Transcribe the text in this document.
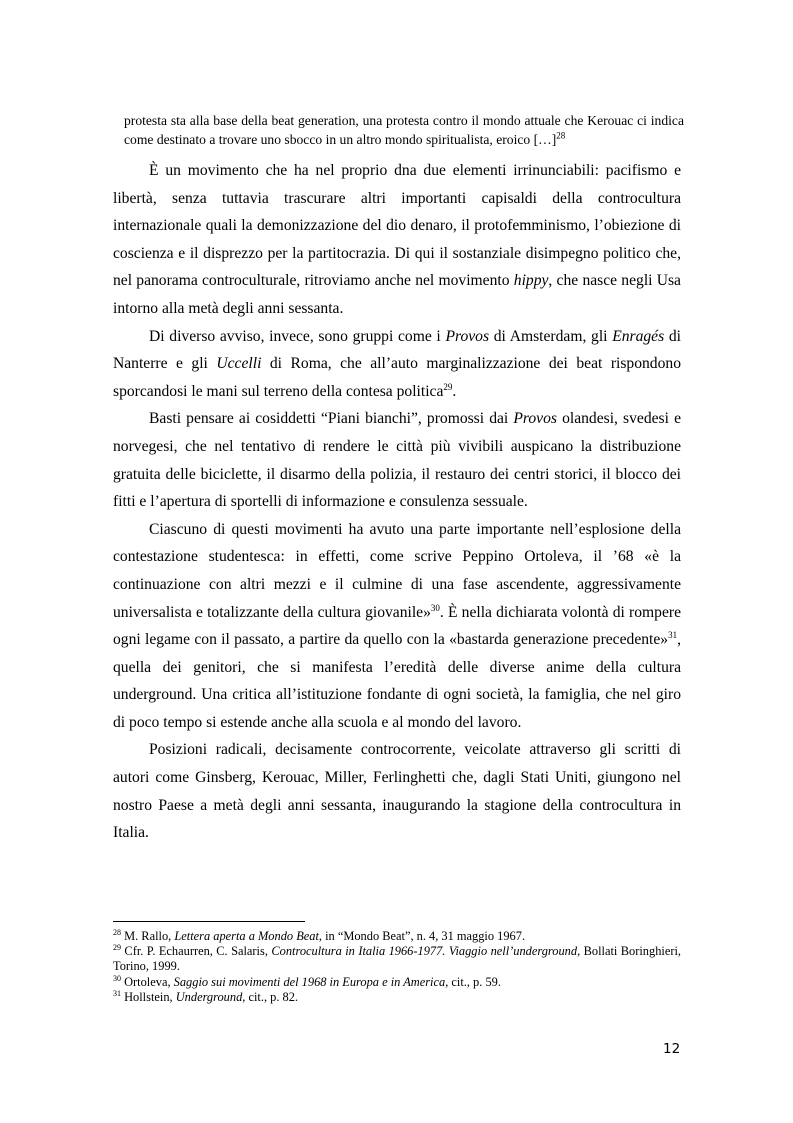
protesta sta alla base della beat generation, una protesta contro il mondo attuale che Kerouac ci indica come destinato a trovare uno sbocco in un altro mondo spiritualista, eroico […]$^{28}$

È un movimento che ha nel proprio dna due elementi irrinunciabili: pacifismo e libertà, senza tuttavia trascurare altri importanti capisaldi della controcultura internazionale quali la demonizzazione del dio denaro, il protofemminismo, l’obiezione di coscienza e il disprezzo per la partitocrazia. Di qui il sostanziale disimpegno politico che, nel panorama controculturale, ritroviamo anche nel movimento hippy, che nasce negli Usa intorno alla metà degli anni sessanta.

Di diverso avviso, invece, sono gruppi come i Provos di Amsterdam, gli Enragés di Nanterre e gli Uccelli di Roma, che all’auto marginalizzazione dei beat rispondono sporcandosi le mani sul terreno della contesa politica$^{29}$.

Basti pensare ai cosiddetti “Piani bianchi”, promossi dai Provos olandesi, svedesi e norvegesi, che nel tentativo di rendere le città più vivibili auspicano la distribuzione gratuita delle biciclette, il disarmo della polizia, il restauro dei centri storici, il blocco dei fitti e l’apertura di sportelli di informazione e consulenza sessuale.

Ciascuno di questi movimenti ha avuto una parte importante nell’esplosione della contestazione studentesca: in effetti, come scrive Peppino Ortoleva, il ’68 «è la continuazione con altri mezzi e il culmine di una fase ascendente, aggressivamente universalista e totalizzante della cultura giovanile»$^{30}$. È nella dichiarata volontà di rompere ogni legame con il passato, a partire da quello con la «bastarda generazione precedente»$^{31}$, quella dei genitori, che si manifesta l’eredità delle diverse anime della cultura underground. Una critica all’istituzione fondante di ogni società, la famiglia, che nel giro di poco tempo si estende anche alla scuola e al mondo del lavoro.

Posizioni radicali, decisamente controcorrente, veicolate attraverso gli scritti di autori come Ginsberg, Kerouac, Miller, Ferlinghetti che, dagli Stati Uniti, giungono nel nostro Paese a metà degli anni sessanta, inaugurando la stagione della controcultura in Italia.

$^{28}$ M. Rallo, Lettera aperta a Mondo Beat, in “Mondo Beat”, n. 4, 31 maggio 1967.

$^{29}$ Cfr. P. Echaurren, C. Salaris, Controcultura in Italia 1966-1977. Viaggio nell’underground, Bollati Boringhieri, Torino, 1999.

$^{30}$ Ortoleva, Saggio sui movimenti del 1968 in Europa e in America, cit., p. 59.

$^{31}$ Hollstein, Underground, cit., p. 82.

12
